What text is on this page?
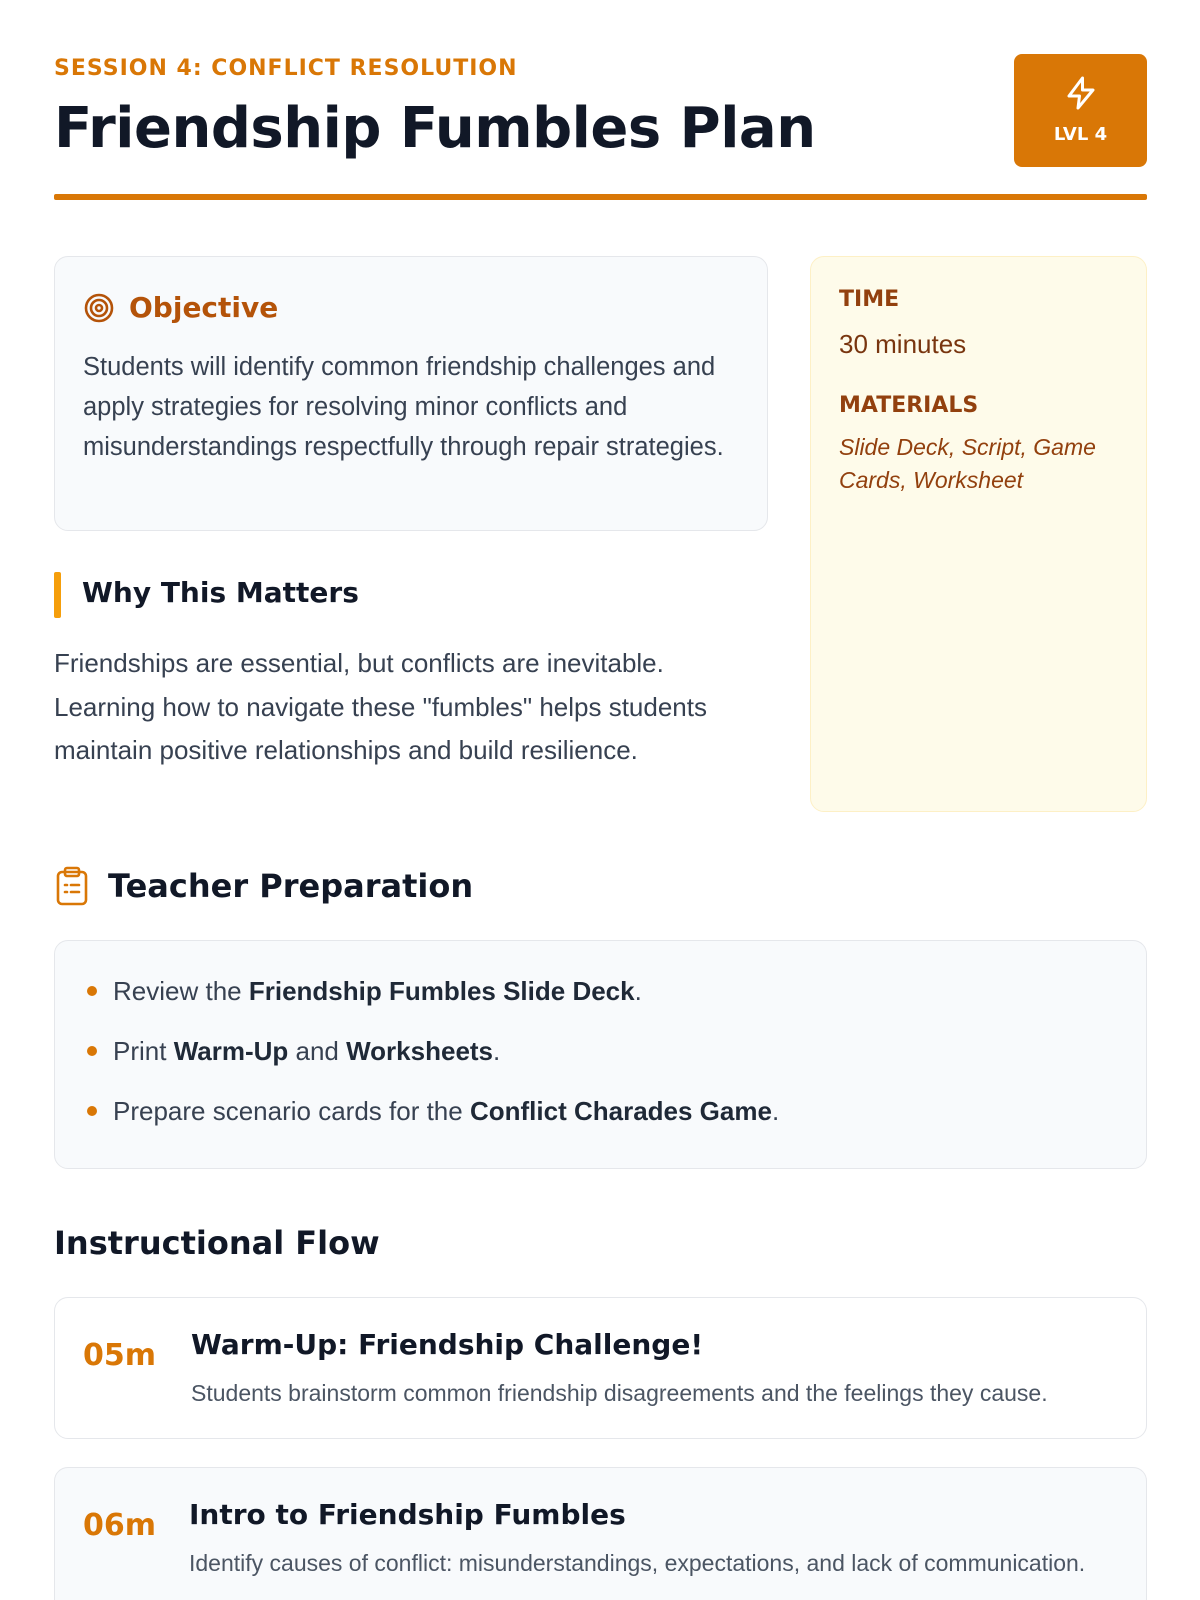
SESSION 4: CONFLICT RESOLUTION
Friendship Fumbles Plan	LVL 4
Objective

Students will identify common friendship challenges and apply strategies for resolving minor conflicts and misunderstandings respectfully through repair strategies.

TIME
30 minutes
MATERIALS
Slide Deck, Script, Game Cards, Worksheet
Why This Matters

Friendships are essential, but conflicts are inevitable. Learning how to navigate these "fumbles" helps students maintain positive relationships and build resilience.

Teacher Preparation
Review the Friendship Fumbles Slide Deck.
Print Warm-Up and Worksheets.
Prepare scenario cards for the Conflict Charades Game.
Instructional Flow
05m Warm-Up: Friendship Challenge!
Students brainstorm common friendship disagreements and the feelings they cause.
06m Intro to Friendship Fumbles
Identify causes of conflict: misunderstandings, expectations, and lack of communication.
